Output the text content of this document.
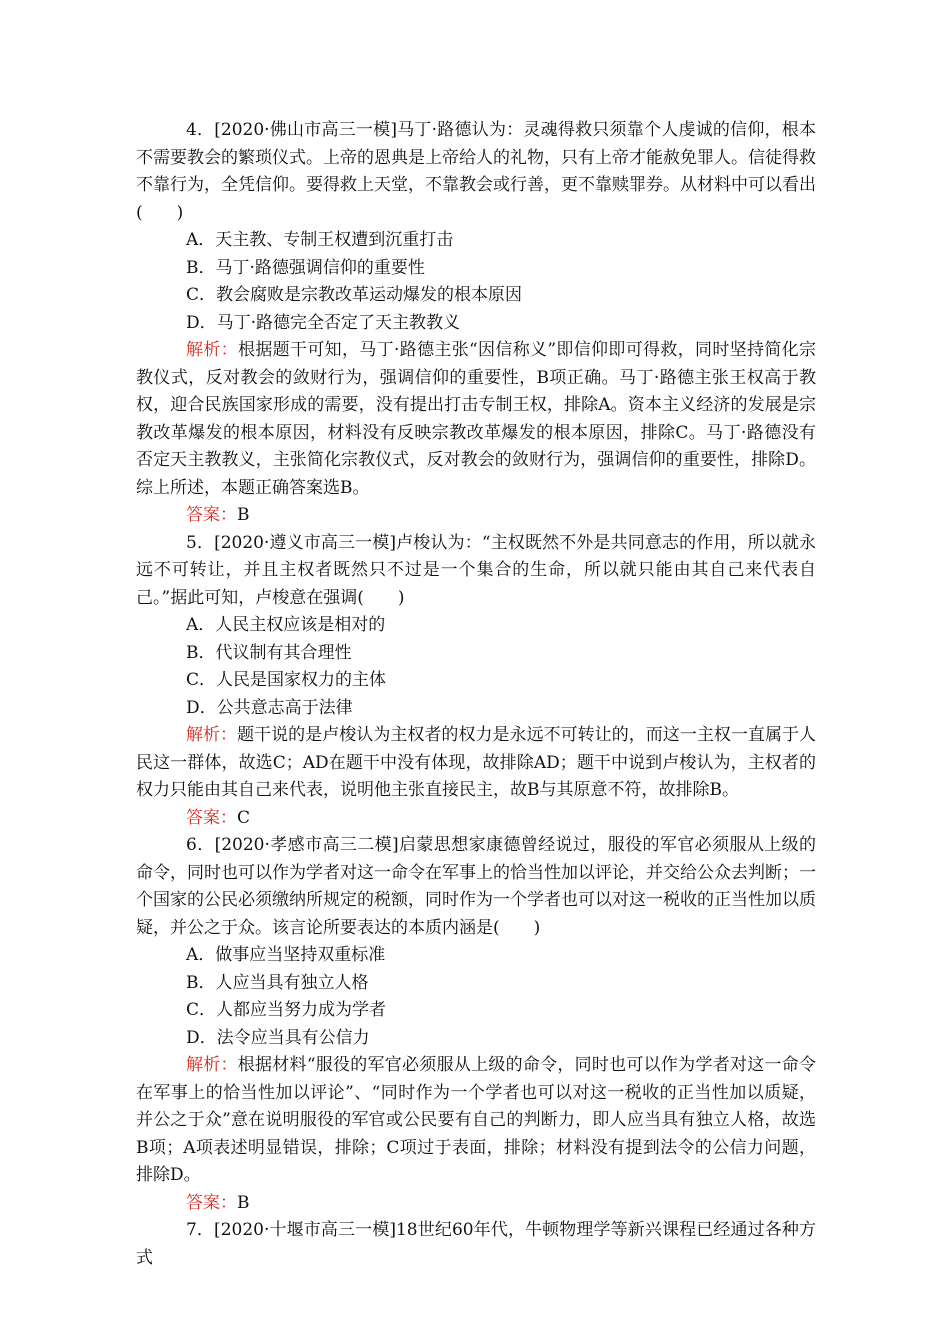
4．[2020·佛山市高三一模]马丁·路德认为：灵魂得救只须靠个人虔诚的信仰，根本不需要教会的繁琐仪式。上帝的恩典是上帝给人的礼物，只有上帝才能赦免罪人。信徒得救不靠行为，全凭信仰。要得救上天堂，不靠教会或行善，更不靠赎罪券。从材料中可以看出(　　)

A．天主教、专制王权遭到沉重打击

B．马丁·路德强调信仰的重要性

C．教会腐败是宗教改革运动爆发的根本原因

D．马丁·路德完全否定了天主教教义

解析：根据题干可知，马丁·路德主张“因信称义”即信仰即可得救，同时坚持简化宗教仪式，反对教会的敛财行为，强调信仰的重要性，B项正确。马丁·路德主张王权高于教权，迎合民族国家形成的需要，没有提出打击专制王权，排除A。资本主义经济的发展是宗教改革爆发的根本原因，材料没有反映宗教改革爆发的根本原因，排除C。马丁·路德没有否定天主教教义，主张简化宗教仪式，反对教会的敛财行为，强调信仰的重要性，排除D。综上所述，本题正确答案选B。

答案：B

5．[2020·遵义市高三一模]卢梭认为：“主权既然不外是共同意志的作用，所以就永远不可转让，并且主权者既然只不过是一个集合的生命，所以就只能由其自己来代表自己。”据此可知，卢梭意在强调(　　)

A．人民主权应该是相对的

B．代议制有其合理性

C．人民是国家权力的主体

D．公共意志高于法律

解析：题干说的是卢梭认为主权者的权力是永远不可转让的，而这一主权一直属于人民这一群体，故选C；AD在题干中没有体现，故排除AD；题干中说到卢梭认为，主权者的权力只能由其自己来代表，说明他主张直接民主，故B与其原意不符，故排除B。

答案：C

6．[2020·孝感市高三二模]启蒙思想家康德曾经说过，服役的军官必须服从上级的命令，同时也可以作为学者对这一命令在军事上的恰当性加以评论，并交给公众去判断；一个国家的公民必须缴纳所规定的税额，同时作为一个学者也可以对这一税收的正当性加以质疑，并公之于众。该言论所要表达的本质内涵是(　　)

A．做事应当坚持双重标准

B．人应当具有独立人格

C．人都应当努力成为学者

D．法令应当具有公信力

解析：根据材料“服役的军官必须服从上级的命令，同时也可以作为学者对这一命令在军事上的恰当性加以评论”、“同时作为一个学者也可以对这一税收的正当性加以质疑，并公之于众”意在说明服役的军官或公民要有自己的判断力，即人应当具有独立人格，故选B项；A项表述明显错误，排除；C项过于表面，排除；材料没有提到法令的公信力问题，排除D。

答案：B

7．[2020·十堰市高三一模]18世纪60年代，牛顿物理学等新兴课程已经通过各种方式
